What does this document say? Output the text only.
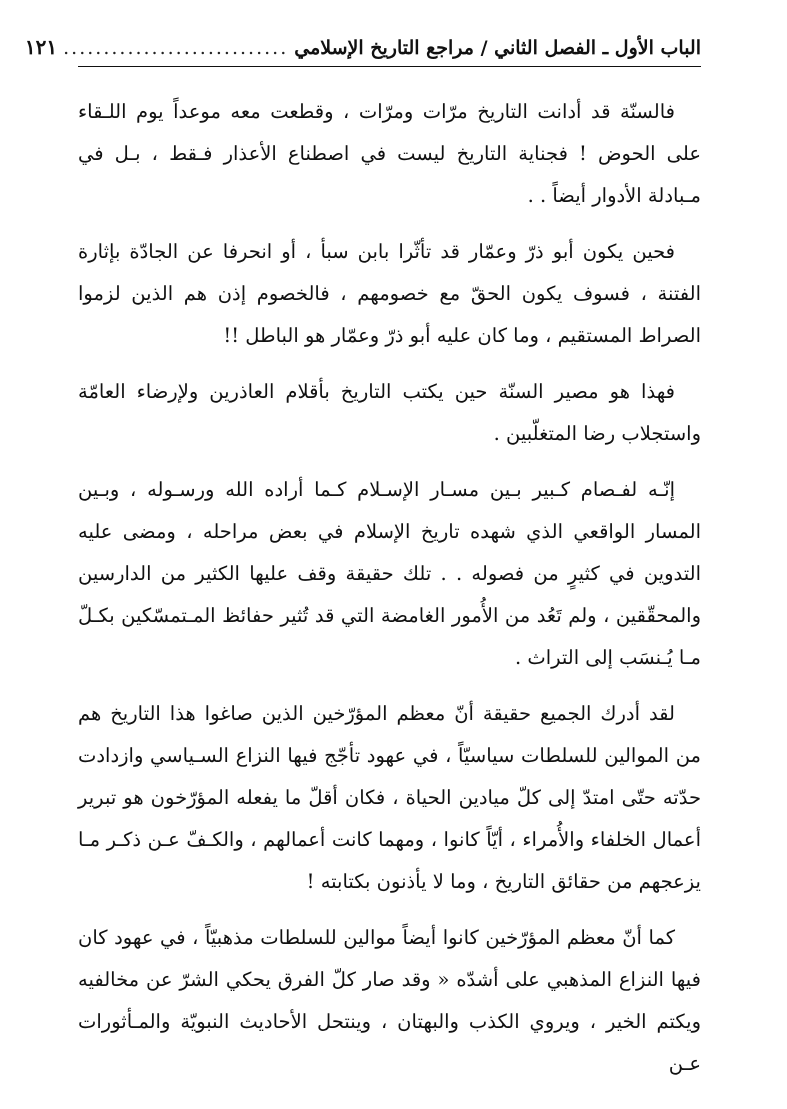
الباب الأول ـ الفصل الثاني / مراجع التاريخ الإسلامي
............................
١٢١

فالسنّة قد أدانت التاريخ مرّات ومرّات ، وقطعت معه موعداً يوم اللـقاء على الحوض ! فجناية التاريخ ليست في اصطناع الأعذار فـقط ، بـل في مـبادلة الأدوار أيضاً . .

فحين يكون أبو ذرّ وعمّار قد تأثّرا بابن سبأ ، أو انحرفا عن الجادّة بإثارة الفتنة ، فسوف يكون الحقّ مع خصومهم ، فالخصوم إذن هم الذين لزموا الصراط المستقيم ، وما كان عليه أبو ذرّ وعمّار هو الباطل !!

فهذا هو مصير السنّة حين يكتب التاريخ بأقلام العاذرين ولإرضاء العامّة واستجلاب رضا المتغلّبين .

إنّـه لفـصام كـبير بـين مسـار الإسـلام كـما أراده الله ورسـوله ، وبـين المسار الواقعي الذي شهده تاريخ الإسلام في بعض مراحله ، ومضى عليه التدوين في كثيرٍ من فصوله . . تلك حقيقة وقف عليها الكثير من الدارسين والمحقّقين ، ولم تَعُد من الأُمور الغامضة التي قد تُثير حفائظ المـتمسّكين بكـلّ مـا يُـنسَب إلى التراث .

لقد أدرك الجميع حقيقة أنّ معظم المؤرّخين الذين صاغوا هذا التاريخ هم من الموالين للسلطات سياسيّاً ، في عهود تأجّج فيها النزاع السـياسي وازدادت حدّته حتّى امتدّ إلى كلّ ميادين الحياة ، فكان أقلّ ما يفعله المؤرّخون هو تبرير أعمال الخلفاء والأُمراء ، أيّاً كانوا ، ومهما كانت أعمالهم ، والكـفّ عـن ذكـر مـا يزعجهم من حقائق التاريخ ، وما لا يأذنون بكتابته !

كما أنّ معظم المؤرّخين كانوا أيضاً موالين للسلطات مذهبيّاً ، في عهود كان فيها النزاع المذهبي على أشدّه « وقد صار كلّ الفرق يحكي الشرّ عن مخالفيه ويكتم الخير ، ويروي الكذب والبهتان ، وينتحل الأحاديث النبويّة والمـأثورات عـن
